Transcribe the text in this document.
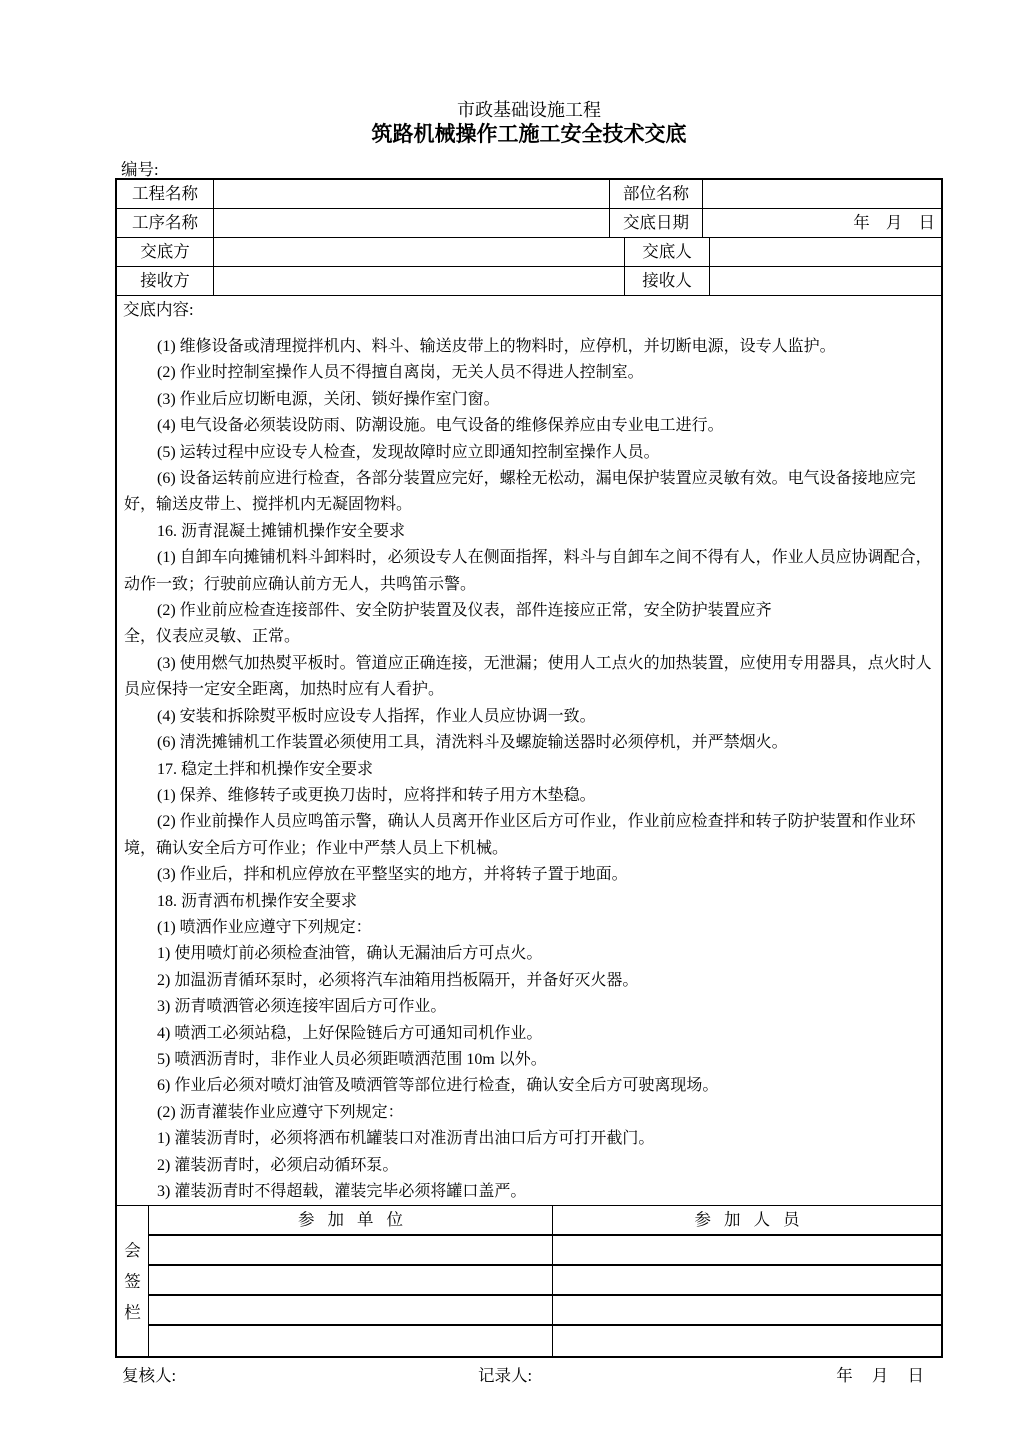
市政基础设施工程
筑路机械操作工施工安全技术交底
编号:
工程名称	部位名称
工序名称	交底日期	年 月 日
交底方	交底人
接收方	接收人

交底内容:

(1) 维修设备或清理搅拌机内、料斗、输送皮带上的物料时，应停机，并切断电源，设专人监护。

(2) 作业时控制室操作人员不得擅自离岗，无关人员不得进人控制室。

(3) 作业后应切断电源，关闭、锁好操作室门窗。

(4) 电气设备必须装设防雨、防潮设施。电气设备的维修保养应由专业电工进行。

(5) 运转过程中应设专人检查，发现故障时应立即通知控制室操作人员。

(6) 设备运转前应进行检查，各部分装置应完好，螺栓无松动，漏电保护装置应灵敏有效。电气设备接地应完好，输送皮带上、搅拌机内无凝固物料。

16. 沥青混凝土摊铺机操作安全要求

(1) 自卸车向摊铺机料斗卸料时，必须设专人在侧面指挥，料斗与自卸车之间不得有人，作业人员应协调配合，动作一致；行驶前应确认前方无人，共鸣笛示警。

(2) 作业前应检查连接部件、安全防护装置及仪表，部件连接应正常，安全防护装置应齐

全，仪表应灵敏、正常。

(3) 使用燃气加热熨平板时。管道应正确连接，无泄漏；使用人工点火的加热装置，应使用专用器具，点火时人员应保持一定安全距离，加热时应有人看护。

(4) 安装和拆除熨平板时应设专人指挥，作业人员应协调一致。

(6) 清洗摊铺机工作装置必须使用工具，清洗料斗及螺旋输送器时必须停机，并严禁烟火。

17. 稳定土拌和机操作安全要求

(1) 保养、维修转子或更换刀齿时，应将拌和转子用方木垫稳。

(2) 作业前操作人员应鸣笛示警，确认人员离开作业区后方可作业，作业前应检查拌和转子防护装置和作业环境，确认安全后方可作业；作业中严禁人员上下机械。

(3) 作业后，拌和机应停放在平整坚实的地方，并将转子置于地面。

18. 沥青洒布机操作安全要求

(1) 喷洒作业应遵守下列规定：

1) 使用喷灯前必须检查油管，确认无漏油后方可点火。

2) 加温沥青循环泵时，必须将汽车油箱用挡板隔开，并备好灭火器。

3) 沥青喷洒管必须连接牢固后方可作业。

4) 喷洒工必须站稳，上好保险链后方可通知司机作业。

5) 喷洒沥青时，非作业人员必须距喷洒范围 10m 以外。

6) 作业后必须对喷灯油管及喷洒管等部位进行检查，确认安全后方可驶离现场。

(2) 沥青灌装作业应遵守下列规定：

1) 灌装沥青时，必须将洒布机罐装口对准沥青出油口后方可打开截门。

2) 灌装沥青时，必须启动循环泵。

3) 灌装沥青时不得超载，灌装完毕必须将罐口盖严。

会签栏
参加单位	参加人员
复核人:	记录人:	年 月 日
